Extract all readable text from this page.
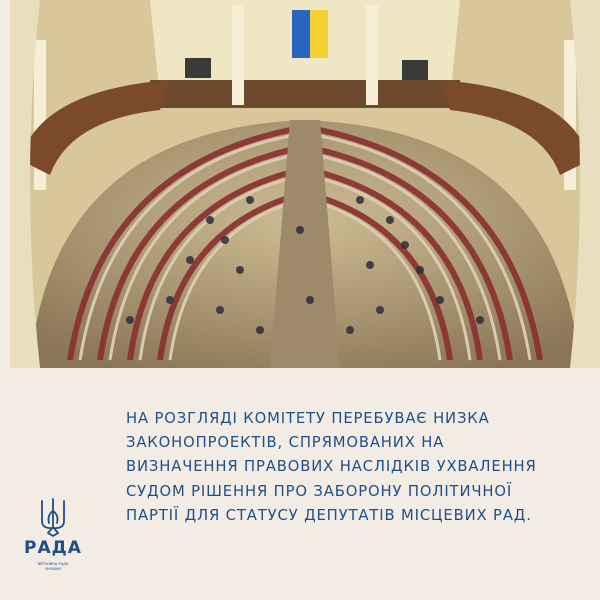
НА РОЗГЛЯДІ КОМІТЕТУ ПЕРЕБУВАЄ НИЗКА
ЗАКОНОПРОЕКТІВ, СПРЯМОВАНИХ НА
ВИЗНАЧЕННЯ ПРАВОВИХ НАСЛІДКІВ УХВАЛЕННЯ
СУДОМ РІШЕННЯ ПРО ЗАБОРОНУ ПОЛІТИЧНОЇ
ПАРТІЇ ДЛЯ СТАТУСУ ДЕПУТАТІВ МІСЦЕВИХ РАД.

РАДА
ВЕРХОВНА РАДА
УКРАЇНИ
